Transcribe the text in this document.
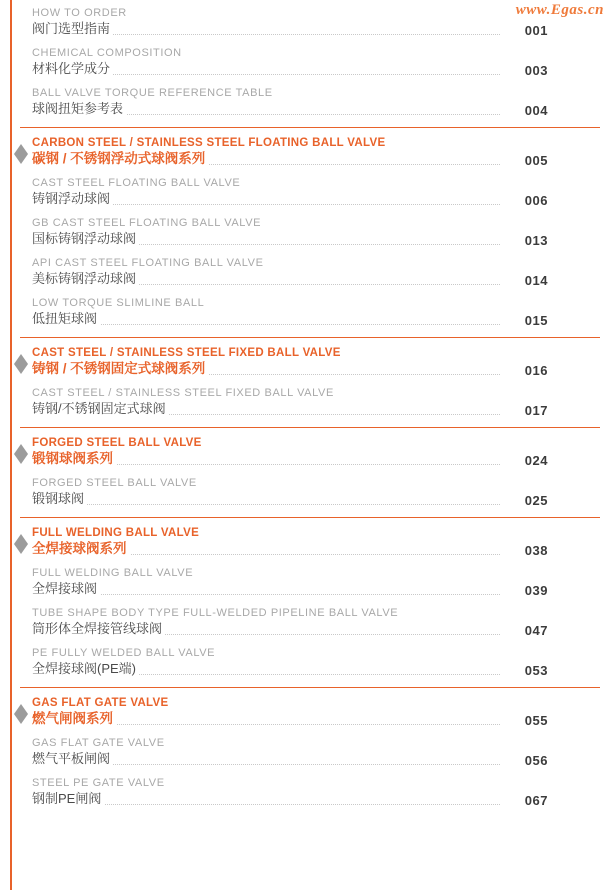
www.Egas.cn
HOW TO ORDER
阀门选型指南	001
CHEMICAL COMPOSITION
材料化学成分	003
BALL VALVE TORQUE REFERENCE TABLE
球阀扭矩参考表	004
CARBON STEEL / STAINLESS STEEL FLOATING BALL VALVE
碳钢 / 不锈钢浮动式球阀系列	005
CAST STEEL FLOATING BALL VALVE
铸钢浮动球阀	006
GB CAST STEEL FLOATING BALL VALVE
国标铸钢浮动球阀	013
API CAST STEEL FLOATING BALL VALVE
美标铸钢浮动球阀	014
LOW TORQUE SLIMLINE BALL
低扭矩球阀	015
CAST STEEL / STAINLESS STEEL FIXED BALL VALVE
铸钢 / 不锈钢固定式球阀系列	016
CAST STEEL / STAINLESS STEEL FIXED BALL VALVE
铸钢/不锈钢固定式球阀	017
FORGED STEEL BALL VALVE
锻钢球阀系列	024
FORGED STEEL BALL VALVE
锻钢球阀	025
FULL WELDING BALL VALVE
全焊接球阀系列	038
FULL WELDING BALL VALVE
全焊接球阀	039
TUBE SHAPE BODY TYPE FULL-WELDED PIPELINE BALL VALVE
筒形体全焊接管线球阀	047
PE FULLY WELDED BALL VALVE
全焊接球阀(PE端)	053
GAS FLAT GATE VALVE
燃气闸阀系列	055
GAS FLAT GATE VALVE
燃气平板闸阀	056
STEEL PE GATE VALVE
钢制PE闸阀	067
